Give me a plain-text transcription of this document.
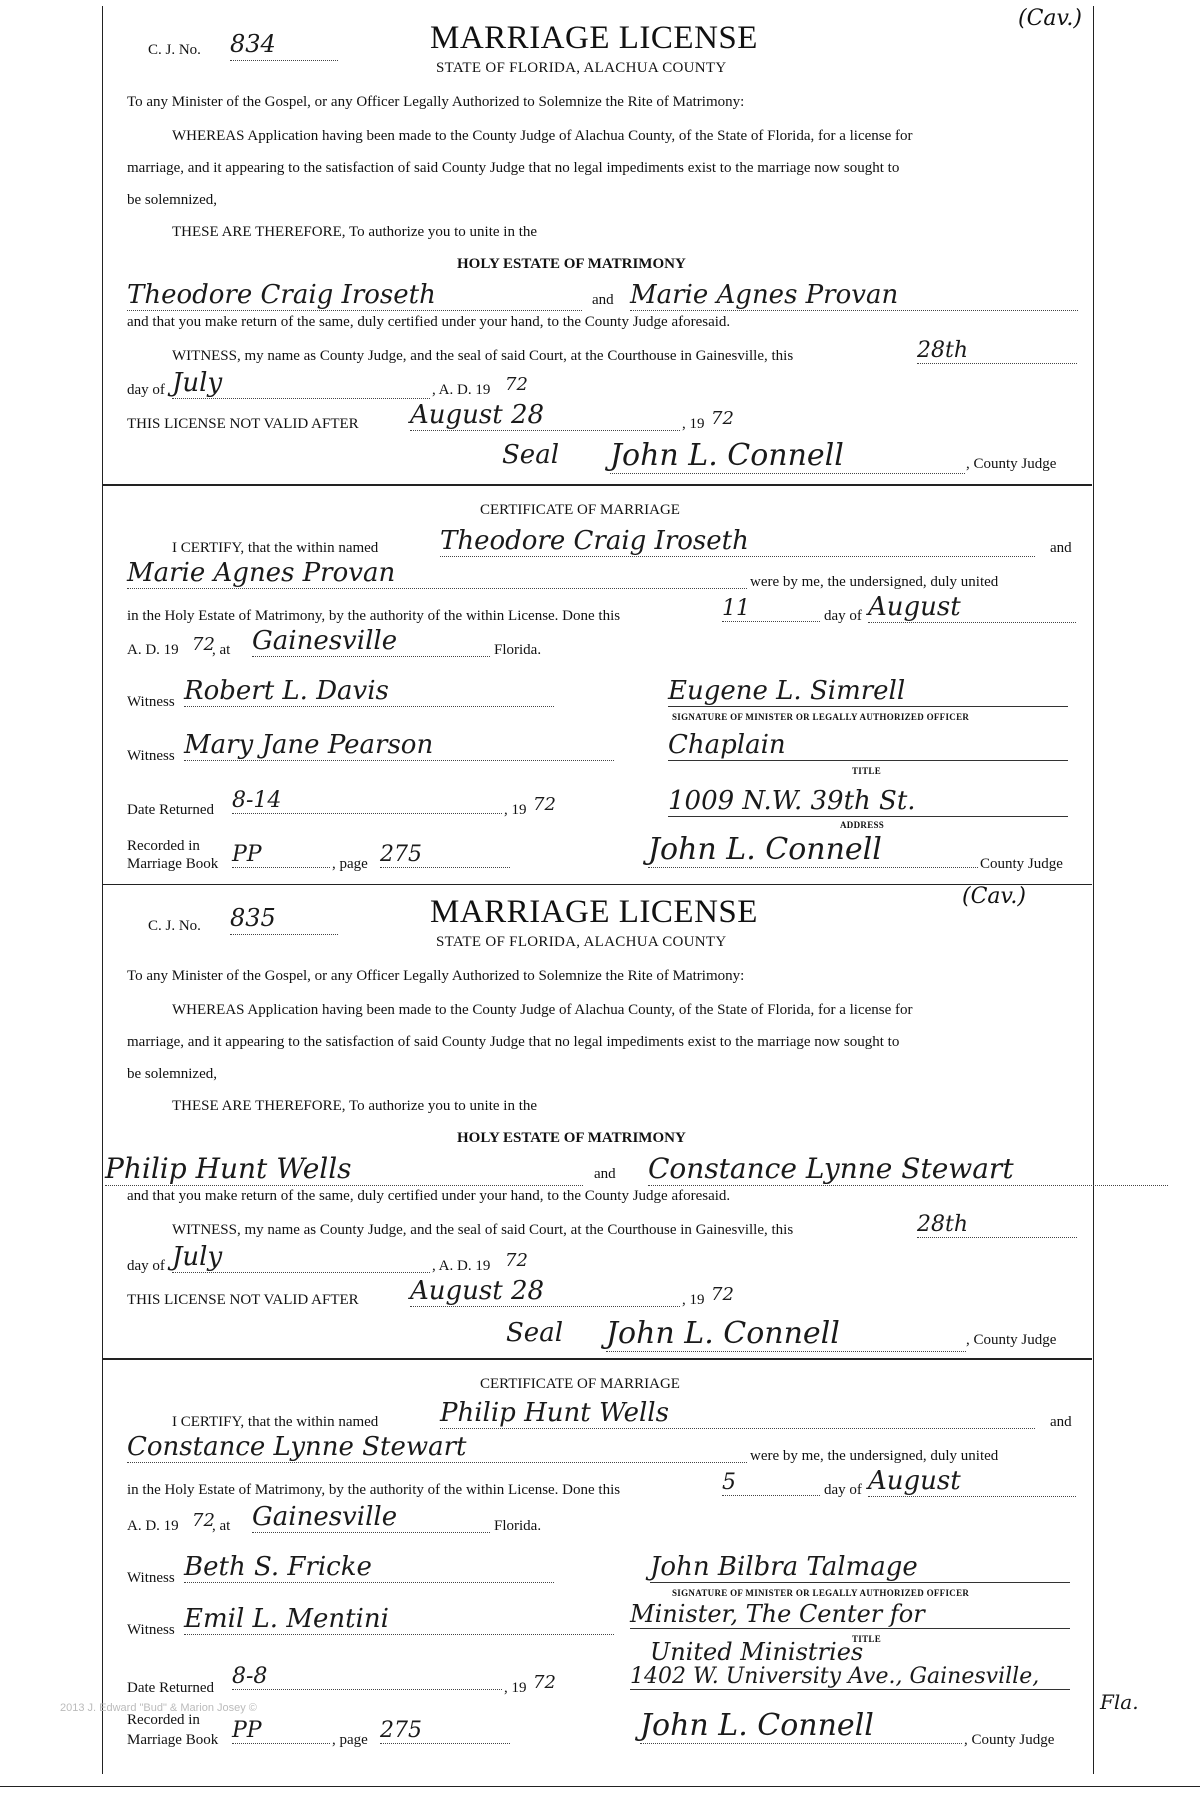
2013 J. Edward "Bud" & Marion Josey ©
C. J. No. 834
(Cav.)
MARRIAGE LICENSE
STATE OF FLORIDA, ALACHUA COUNTY
To any Minister of the Gospel, or any Officer Legally Authorized to Solemnize the Rite of Matrimony:
WHEREAS Application having been made to the County Judge of Alachua County, of the State of Florida, for a license for
marriage, and it appearing to the satisfaction of said County Judge that no legal impediments exist to the marriage now sought to
be solemnized,
THESE ARE THEREFORE, To authorize you to unite in the
HOLY ESTATE OF MATRIMONY
Theodore Craig Iroseth	and Marie Agnes Provan
and that you make return of the same, duly certified under your hand, to the County Judge aforesaid.
WITNESS, my name as County Judge, and the seal of said Court, at the Courthouse in Gainesville, this	28th
day of July	, A. D. 19 72
THIS LICENSE NOT VALID AFTER August 28	, 19 72
Seal John L. Connell	, County Judge
CERTIFICATE OF MARRIAGE
I CERTIFY, that the within named Theodore Craig Iroseth	and
Marie Agnes Provan	were by me, the undersigned, duly united
in the Holy Estate of Matrimony, by the authority of the within License. Done this	11	day of August
A. D. 19 72
, at Gainesville	Florida.
Witness Robert L. Davis	Eugene L. Simrell
SIGNATURE OF MINISTER OR LEGALLY AUTHORIZED OFFICER
Witness Mary Jane Pearson	Chaplain
TITLE
Date Returned 8-14	, 19 72	1009 N.W. 39th St.
ADDRESS
Recorded in
Marriage Book PP	, page 275	John L. Connell	County Judge
C. J. No. 835
(Cav.)
MARRIAGE LICENSE
STATE OF FLORIDA, ALACHUA COUNTY
To any Minister of the Gospel, or any Officer Legally Authorized to Solemnize the Rite of Matrimony:
WHEREAS Application having been made to the County Judge of Alachua County, of the State of Florida, for a license for
marriage, and it appearing to the satisfaction of said County Judge that no legal impediments exist to the marriage now sought to
be solemnized,
THESE ARE THEREFORE, To authorize you to unite in the
HOLY ESTATE OF MATRIMONY
Philip Hunt Wells	and Constance Lynne Stewart
and that you make return of the same, duly certified under your hand, to the County Judge aforesaid.
WITNESS, my name as County Judge, and the seal of said Court, at the Courthouse in Gainesville, this	28th
day of July	, A. D. 19 72
THIS LICENSE NOT VALID AFTER August 28	, 19 72
Seal John L. Connell	, County Judge
CERTIFICATE OF MARRIAGE
I CERTIFY, that the within named Philip Hunt Wells	and
Constance Lynne Stewart	were by me, the undersigned, duly united
in the Holy Estate of Matrimony, by the authority of the within License. Done this	5	day of August
A. D. 19 72
, at Gainesville	Florida.
Witness Beth S. Fricke	John Bilbra Talmage
SIGNATURE OF MINISTER OR LEGALLY AUTHORIZED OFFICER
Witness Emil L. Mentini	Minister, The Center for
TITLE
United Ministries
Date Returned 8-8	, 19 72	1402 W. University Ave., Gainesville,
Fla.
Recorded in
Marriage Book PP	, page 275	John L. Connell	, County Judge
